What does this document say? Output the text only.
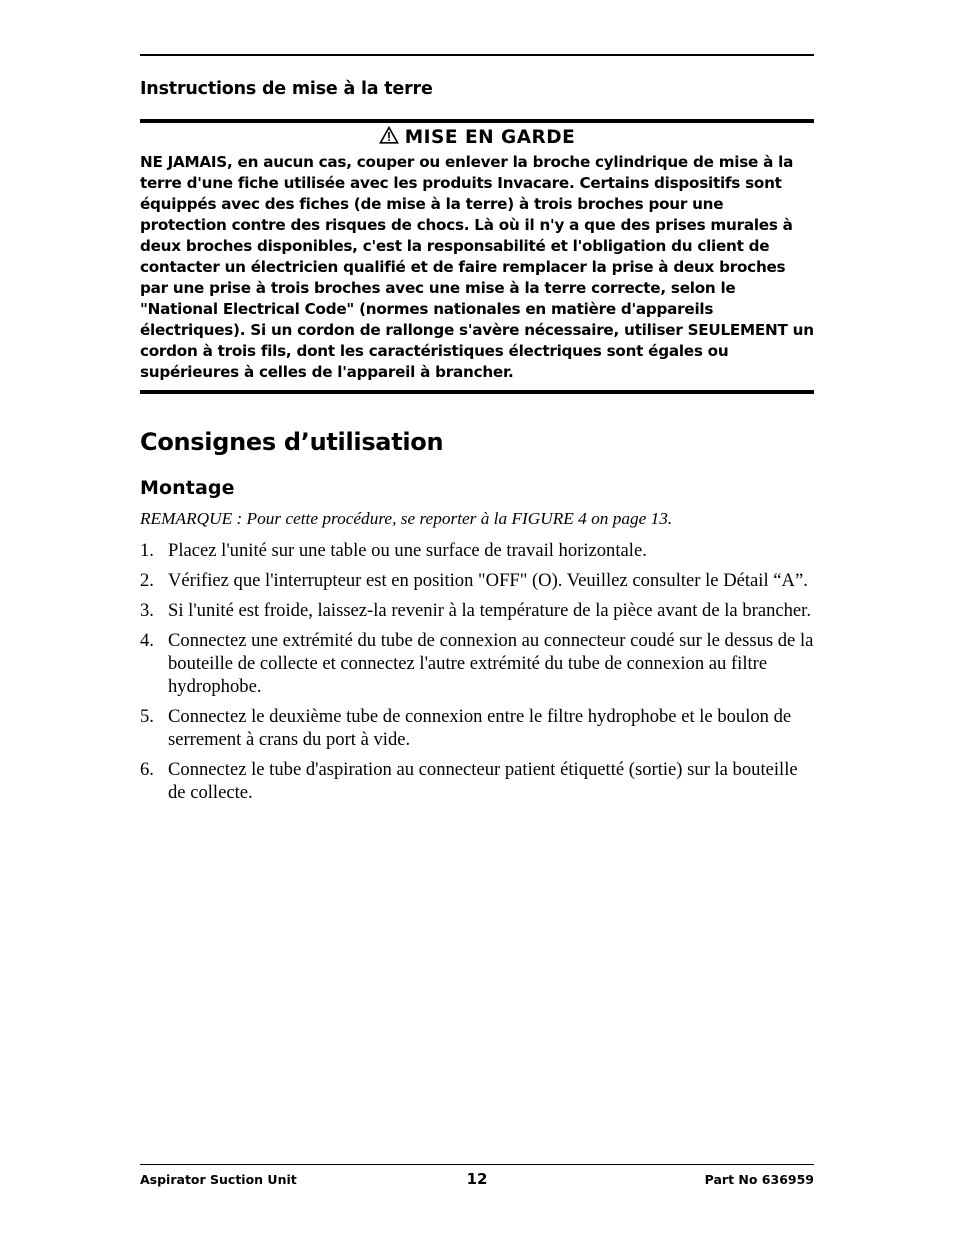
Instructions de mise à la terre
MISE EN GARDE

NE JAMAIS, en aucun cas, couper ou enlever la broche cylindrique de mise à la terre d'une fiche utilisée avec les produits Invacare. Certains dispositifs sont équippés avec des fiches (de mise à la terre) à trois broches pour une protection contre des risques de chocs. Là où il n'y a que des prises murales à deux broches disponibles, c'est la responsabilité et l'obligation du client de contacter un électricien qualifié et de faire remplacer la prise à deux broches par une prise à trois broches avec une mise à la terre correcte, selon le "National Electrical Code" (normes nationales en matière d'appareils électriques). Si un cordon de rallonge s'avère nécessaire, utiliser SEULEMENT un cordon à trois fils, dont les caractéristiques électriques sont égales ou supérieures à celles de l'appareil à brancher.

Consignes d’utilisation
Montage
REMARQUE : Pour cette procédure, se reporter à la FIGURE 4 on page 13.
1. Placez l'unité sur une table ou une surface de travail horizontale.
2. Vérifiez que l'interrupteur est en position "OFF" (O). Veuillez consulter le Détail “A”.
3. Si l'unité est froide, laissez-la revenir à la température de la pièce avant de la brancher.
4. Connectez une extrémité du tube de connexion au connecteur coudé sur le dessus de la bouteille de collecte et connectez l'autre extrémité du tube de connexion au filtre hydrophobe.
5. Connectez le deuxième tube de connexion entre le filtre hydrophobe et le boulon de serrement à crans du port à vide.
6. Connectez le tube d'aspiration au connecteur patient étiquetté (sortie) sur la bouteille de collecte.
Aspirator Suction Unit	12	Part No 636959
